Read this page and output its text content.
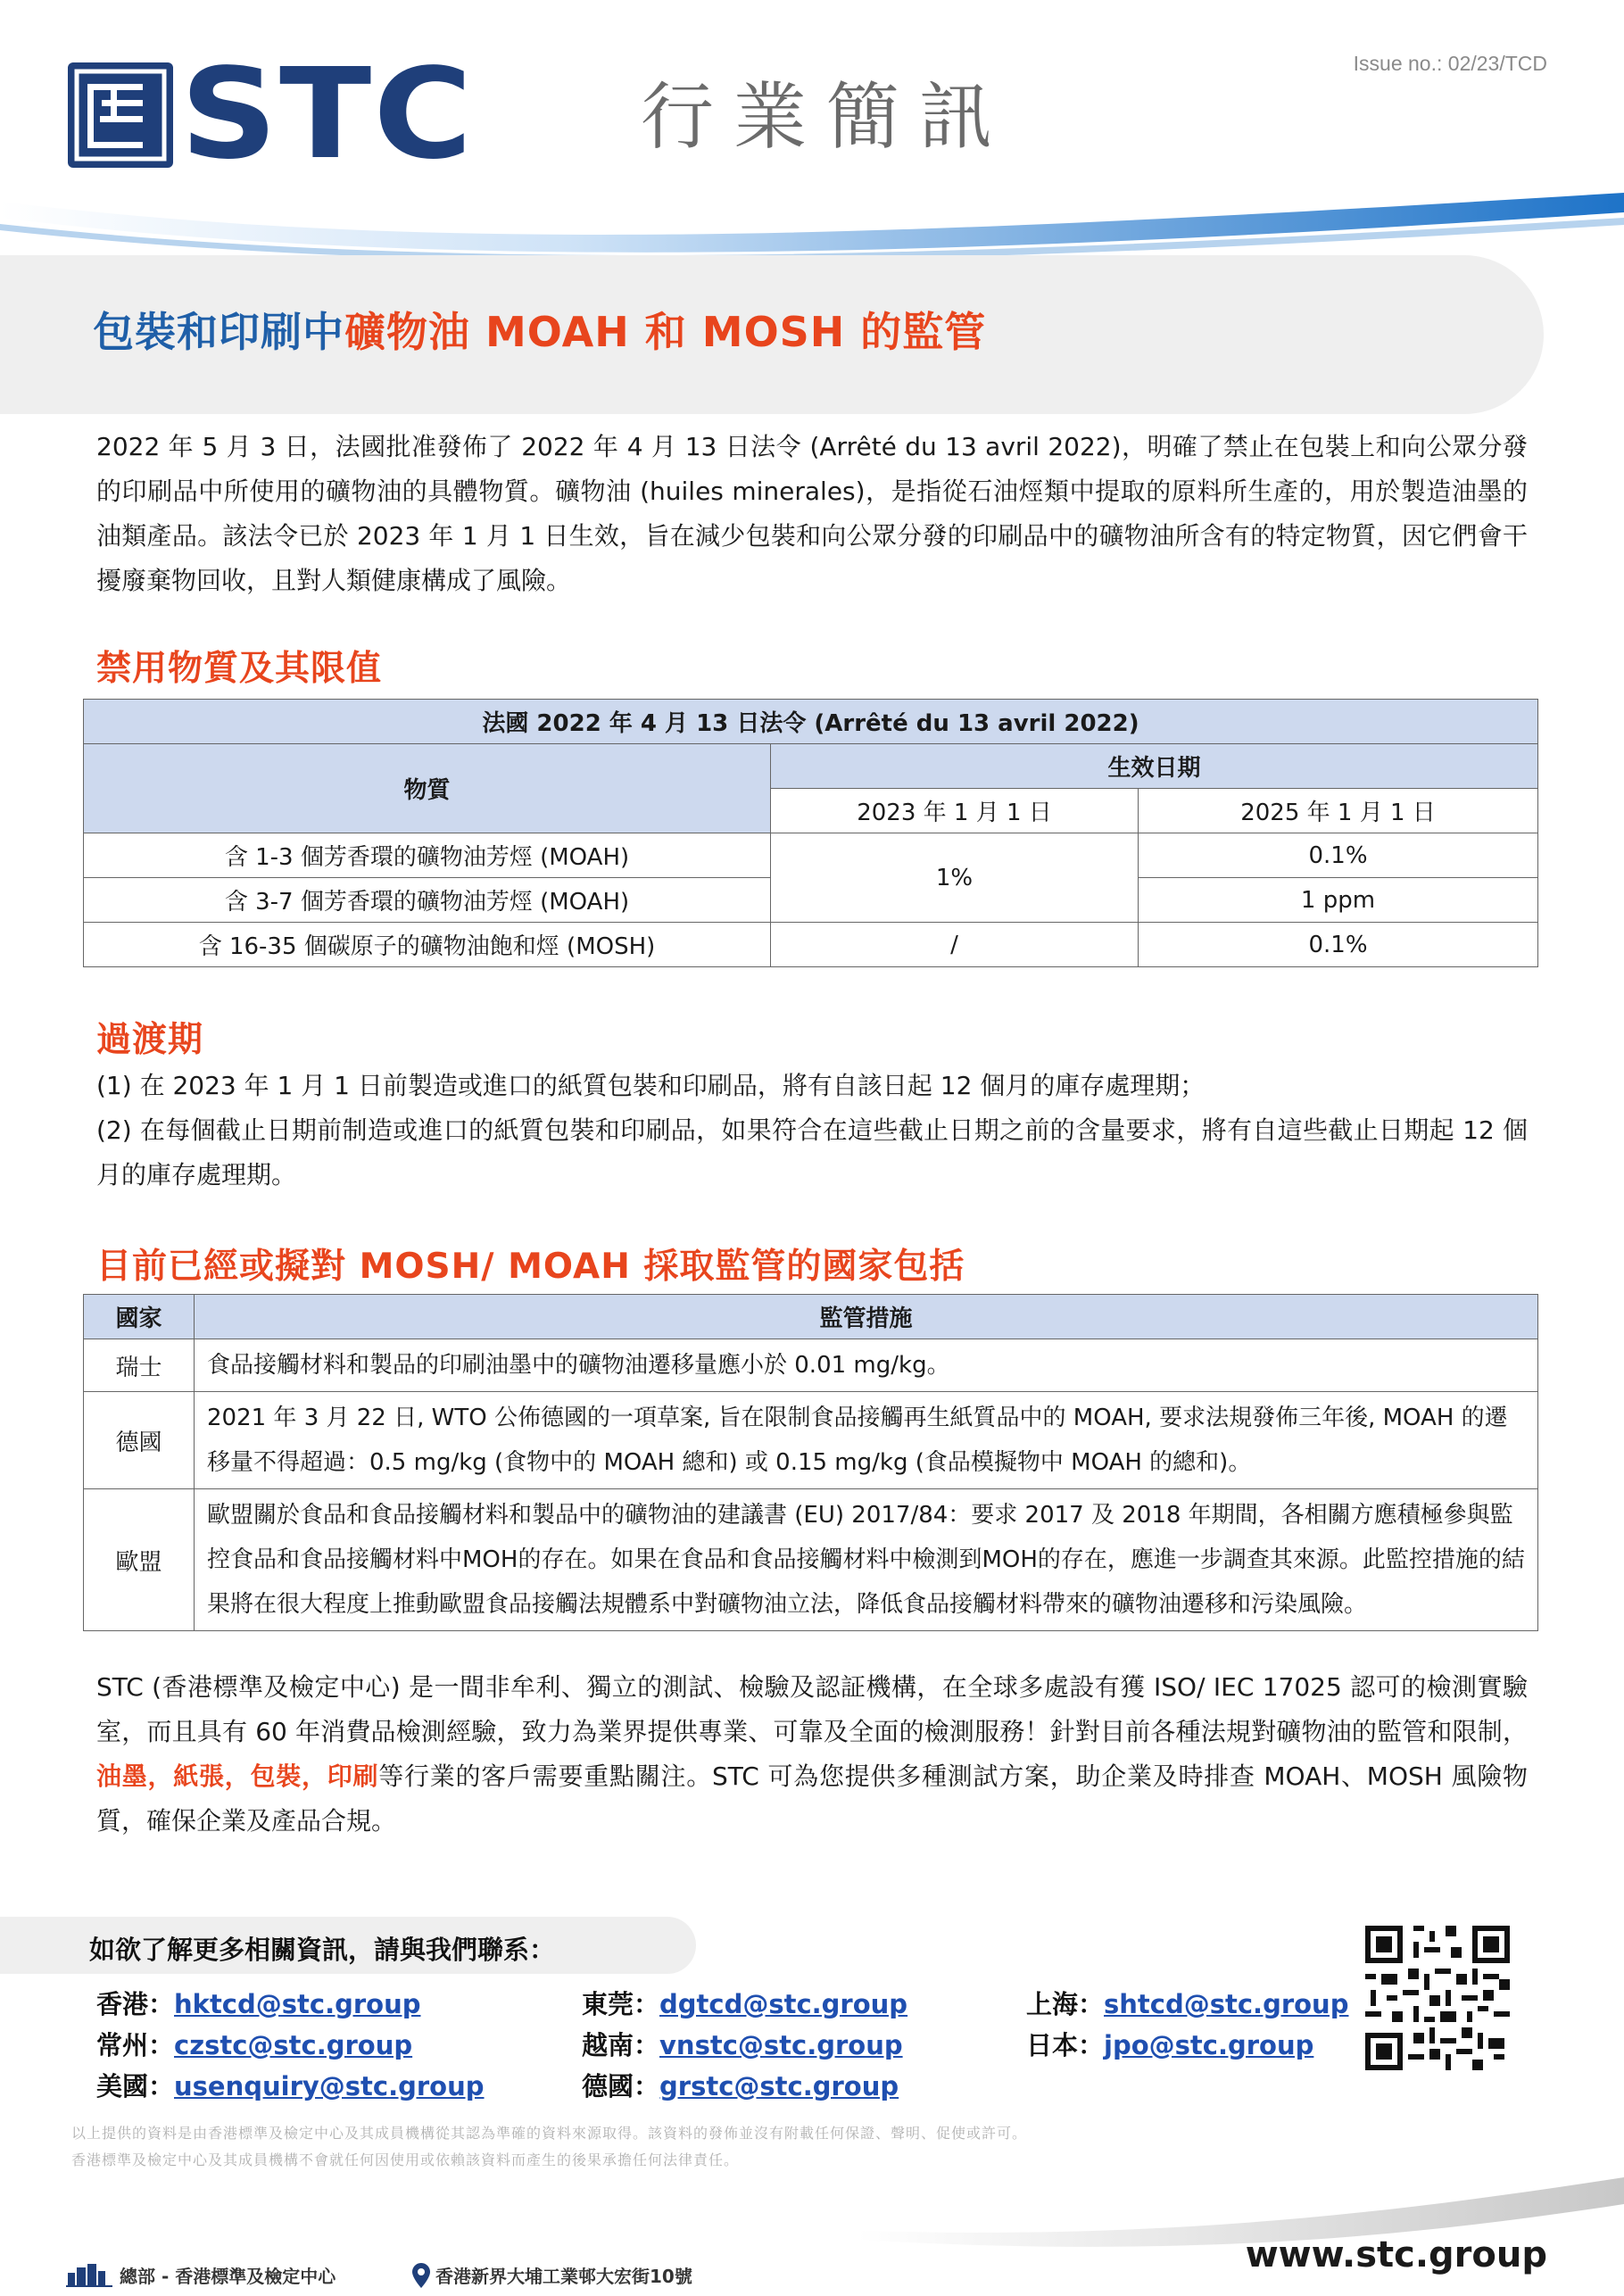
STC 行業簡訊
Issue no.: 02/23/TCD
包裝和印刷中礦物油 MOAH 和 MOSH 的監管

2022 年 5 月 3 日，法國批准發佈了 2022 年 4 月 13 日法令 (Arrêté du 13 avril 2022)，明確了禁止在包裝上和向公眾分發的印刷品中所使用的礦物油的具體物質。礦物油 (huiles minerales)，是指從石油烴類中提取的原料所生產的，用於製造油墨的油類產品。該法令已於 2023 年 1 月 1 日生效，旨在減少包裝和向公眾分發的印刷品中的礦物油所含有的特定物質，因它們會干擾廢棄物回收，且對人類健康構成了風險。

禁用物質及其限值
法國 2022 年 4 月 13 日法令 (Arrêté du 13 avril 2022)		
物質	生效日期	
	2023 年 1 月 1 日	2025 年 1 月 1 日
含 1-3 個芳香環的礦物油芳烴 (MOAH)	1%	0.1%
含 3-7 個芳香環的礦物油芳烴 (MOAH)		1 ppm
含 16-35 個碳原子的礦物油飽和烴 (MOSH)	/	0.1%
過渡期

(1) 在 2023 年 1 月 1 日前製造或進口的紙質包裝和印刷品，將有自該日起 12 個月的庫存處理期；

(2) 在每個截止日期前制造或進口的紙質包裝和印刷品，如果符合在這些截止日期之前的含量要求，將有自這些截止日期起 12 個月的庫存處理期。

目前已經或擬對 MOSH/ MOAH 採取監管的國家包括
國家	監管措施
瑞士	食品接觸材料和製品的印刷油墨中的礦物油遷移量應小於 0.01 mg/kg。
德國	2021 年 3 月 22 日, WTO 公佈德國的一項草案, 旨在限制食品接觸再生紙質品中的 MOAH, 要求法規發佈三年後, MOAH 的遷移量不得超過：0.5 mg/kg (食物中的 MOAH 總和) 或 0.15 mg/kg (食品模擬物中 MOAH 的總和)。
歐盟	歐盟關於食品和食品接觸材料和製品中的礦物油的建議書 (EU) 2017/84：要求 2017 及 2018 年期間，各相關方應積極參與監控食品和食品接觸材料中MOH的存在。如果在食品和食品接觸材料中檢測到MOH的存在，應進一步調查其來源。此監控措施的結果將在很大程度上推動歐盟食品接觸法規體系中對礦物油立法，降低食品接觸材料帶來的礦物油遷移和污染風險。

STC (香港標準及檢定中心) 是一間非牟利、獨立的測試、檢驗及認証機構，在全球多處設有獲 ISO/ IEC 17025 認可的檢測實驗室，而且具有 60 年消費品檢測經驗，致力為業界提供專業、可靠及全面的檢測服務！針對目前各種法規對礦物油的監管和限制，油墨，紙張，包裝，印刷等行業的客戶需要重點關注。STC 可為您提供多種測試方案，助企業及時排查 MOAH、MOSH 風險物質，確保企業及產品合規。

如欲了解更多相關資訊，請與我們聯系：
香港：hktcd@stc.group	東莞：dgtcd@stc.group	上海：shtcd@stc.group
常州：czstc@stc.group	越南：vnstc@stc.group	日本：jpo@stc.group
美國：usenquiry@stc.group	德國：grstc@stc.group
以上提供的資料是由香港標準及檢定中心及其成員機構從其認為準確的資料來源取得。該資料的發佈並沒有附載任何保證、聲明、促使或許可。
香港標準及檢定中心及其成員機構不會就任何因使用或依賴該資料而產生的後果承擔任何法律責任。
總部 - 香港標準及檢定中心	香港新界大埔工業邨大宏街10號
www.stc.group
